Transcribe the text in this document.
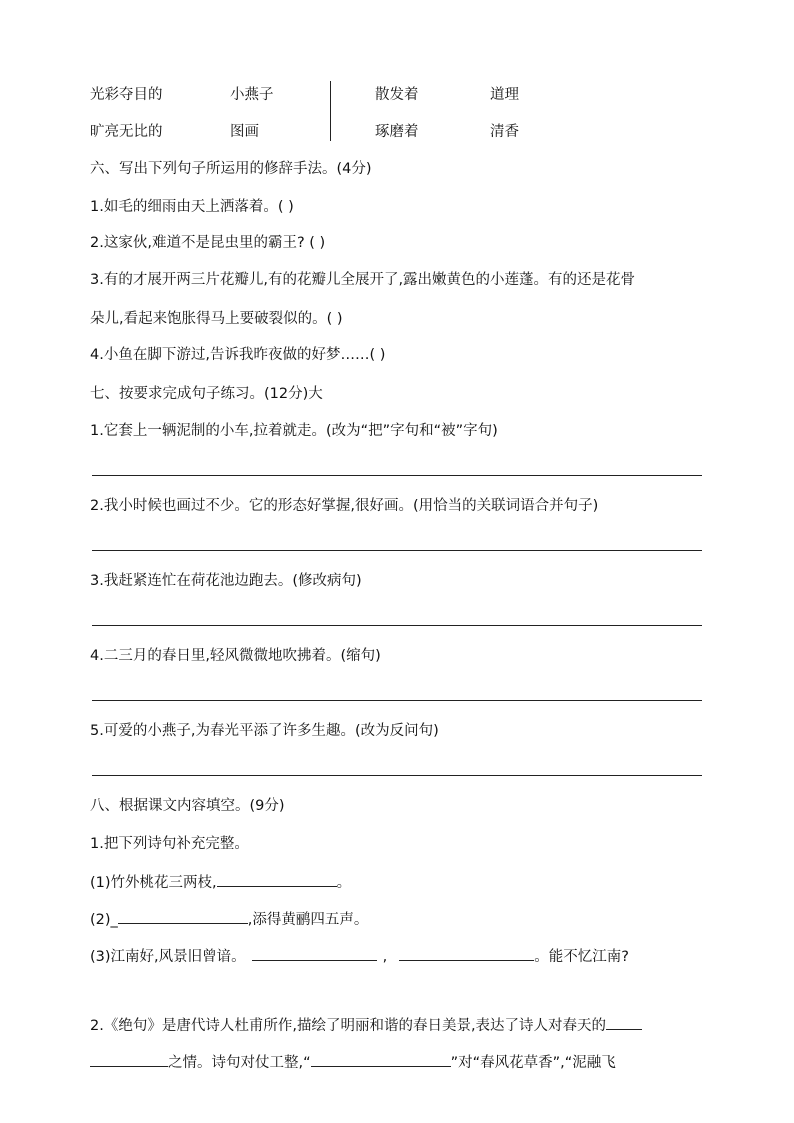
光彩夺目的	小燕子	散发着	道理
旷亮无比的	图画	琢磨着	清香
六、写出下列句子所运用的修辞手法。(4分)
1.如毛的细雨由天上洒落着。( )
2.这家伙,难道不是昆虫里的霸王? ( )
3.有的才展开两三片花瓣儿,有的花瓣儿全展开了,露出嫩黄色的小莲蓬。有的还是花骨
朵儿,看起来饱胀得马上要破裂似的。( )
4.小鱼在脚下游过,告诉我昨夜做的好梦……( )
七、按要求完成句子练习。(12分)大
1.它套上一辆泥制的小车,拉着就走。(改为“把”字句和“被”字句)
2.我小时候也画过不少。它的形态好掌握,很好画。(用恰当的关联词语合并句子)
3.我赶紧连忙在荷花池边跑去。(修改病句)
4.二三月的春日里,轻风微微地吹拂着。(缩句)
5.可爱的小燕子,为春光平添了许多生趣。(改为反问句)
八、根据课文内容填空。(9分)
1.把下列诗句补充完整。
(1)竹外桃花三两枝,	。
(2)_	,添得黄鹂四五声。
(3)江南好,风景旧曾谙。	,	。能不忆江南?
2.《绝句》是唐代诗人杜甫所作,描绘了明丽和谐的春日美景,表达了诗人对春天的
之情。诗句对仗工整,“	”对“春风花草香”,“泥融飞
